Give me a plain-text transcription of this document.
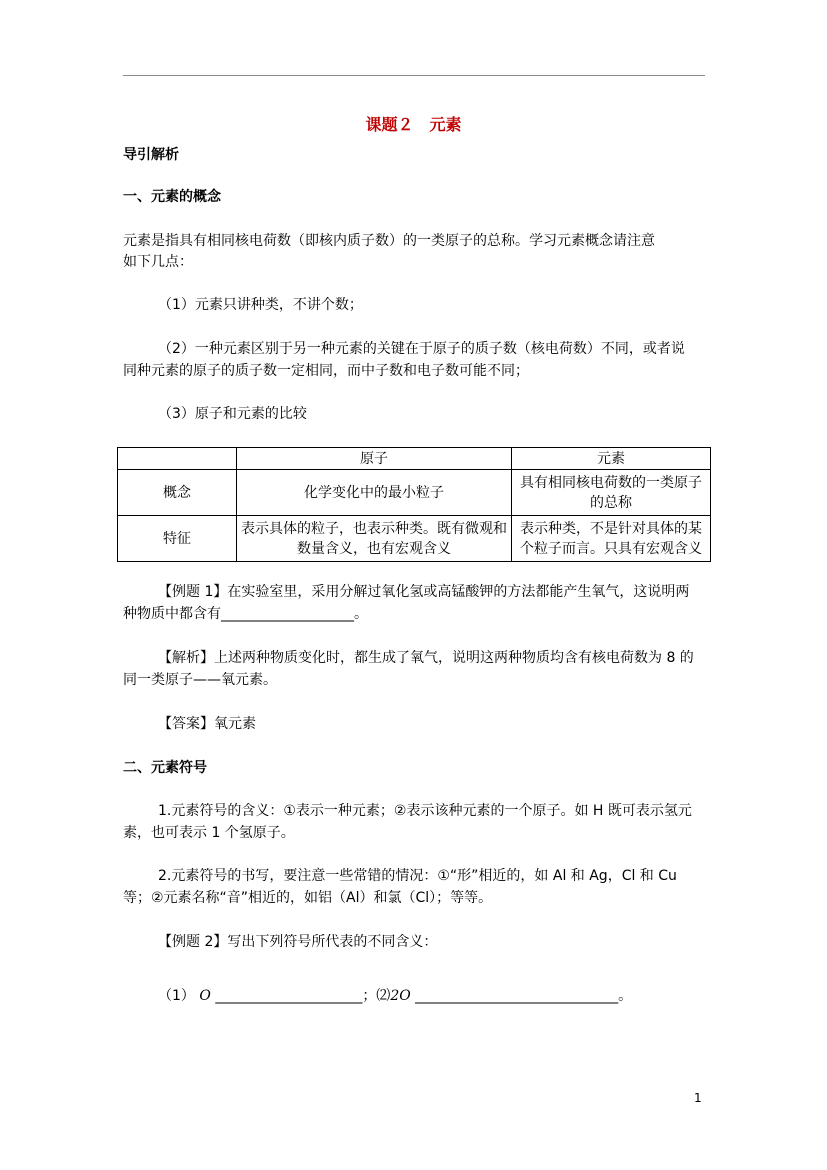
课题２　元素
导引解析
一、元素的概念
元素是指具有相同核电荷数（即核内质子数）的一类原子的总称。学习元素概念请注意
如下几点：
（1）元素只讲种类，不讲个数；
（2）一种元素区别于另一种元素的关键在于原子的质子数（核电荷数）不同，或者说
同种元素的原子的质子数一定相同，而中子数和电子数可能不同；
（3）原子和元素的比较
	原子	元素
概念	化学变化中的最小粒子	具有相同核电荷数的一类原子的总称
特征	表示具体的粒子，也表示种类。既有微观和数量含义，也有宏观含义	表示种类，不是针对具体的某个粒子而言。只具有宏观含义
【例题 1】在实验室里，采用分解过氧化氢或高锰酸钾的方法都能产生氧气，这说明两
种物质中都含有___________________。
【解析】上述两种物质变化时，都生成了氧气，说明这两种物质均含有核电荷数为 8 的
同一类原子——氧元素。
【答案】氧元素
二、元素符号
1.元素符号的含义：①表示一种元素；②表示该种元素的一个原子。如 H 既可表示氢元
素，也可表示 1 个氢原子。
2.元素符号的书写，要注意一些常错的情况：①“形”相近的，如 Al 和 Ag，Cl 和 Cu
等；②元素名称“音”相近的，如铝（Al）和氯（Cl）；等等。
【例题 2】写出下列符号所代表的不同含义：
（1） O _____________________；⑵2O _____________________________。
1
